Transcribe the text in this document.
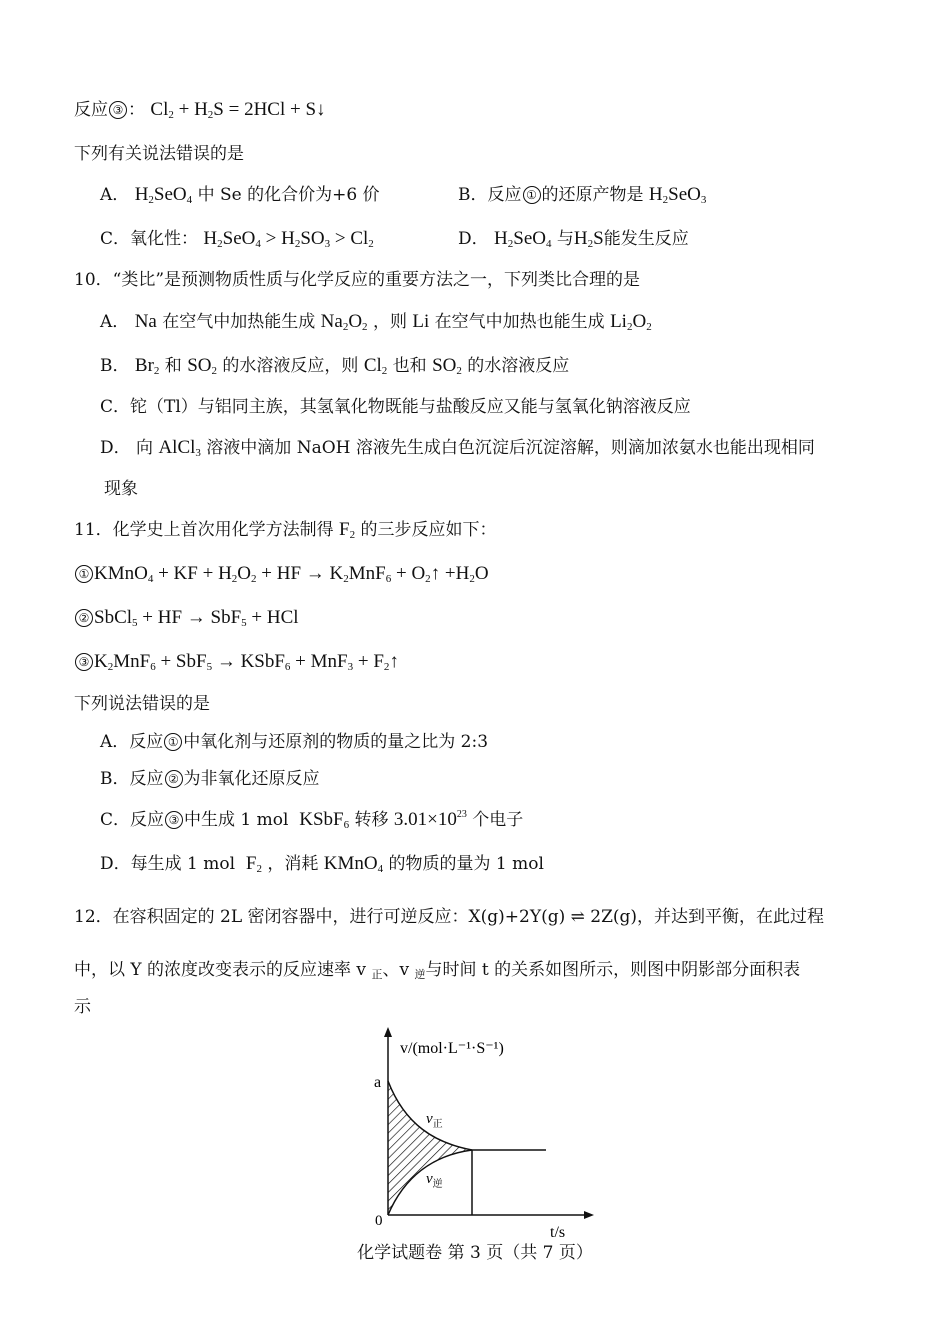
反应 ③ ： $Cl_2 + H_2S = 2HCl$ + S↓
下列有关说法错误的是
A． $H_2SeO_4$ 中 Se 的化合价为+6 价	B．反应 ① 的还原产物是 $H_2SeO_3$
C．氧化性： $H_2SeO_4 > H_2SO_3 > Cl_2$	D． $H_2SeO_4$ 与$H_2S$能发生反应
10．“类比”是预测物质性质与化学反应的重要方法之一，下列类比合理的是
A． Na 在空气中加热能生成 $Na_2O_2$ ，则 Li 在空气中加热也能生成 $Li_2O_2$
B． $Br_2$ 和 $SO_2$ 的水溶液反应，则 $Cl_2$ 也和 $SO_2$ 的水溶液反应
C．铊（Tl）与铝同主族，其氢氧化物既能与盐酸反应又能与氢氧化钠溶液反应
D． 向 AlCl$_3$ 溶液中滴加 NaOH 溶液先生成白色沉淀后沉淀溶解，则滴加浓氨水也能出现相同
现象
11．化学史上首次用化学方法制得 $F_2$ 的三步反应如下：
① KMnO$_4$ + KF + $H_2O_2$ + HF → $K_2MnF_6$ + $O_2↑ +H_2O$
② SbCl$_5$ + HF → SbF$_5$ + HCl
③ $K_2MnF_6 + SbF_5$ → KSbF$_6$ + $MnF_3 + F_2↑$
下列说法错误的是
A．反应 ① 中氧化剂与还原剂的物质的量之比为 2:3
B．反应 ② 为非氧化还原反应
C．反应 ③ 中生成 1 mol  KSbF$_6$ 转移 $3.01\times 10^{23}$ 个电子
D．每生成 1 mol  $F_2$ ，消耗 KMnO$_4$ 的物质的量为 1 mol
12．在容积固定的 2L 密闭容器中，进行可逆反应：X(g)+2Y(g) ⇌ 2Z(g)，并达到平衡，在此过程
中，以 Y 的浓度改变表示的反应速率 v $_正$、v $_逆$与时间 t 的关系如图所示，则图中阴影部分面积表
示
v/(mol·L⁻¹·S⁻¹)
t/s
0
a
$v_正$
$v_逆$
化学试题卷 第 3 页（共 7 页）
